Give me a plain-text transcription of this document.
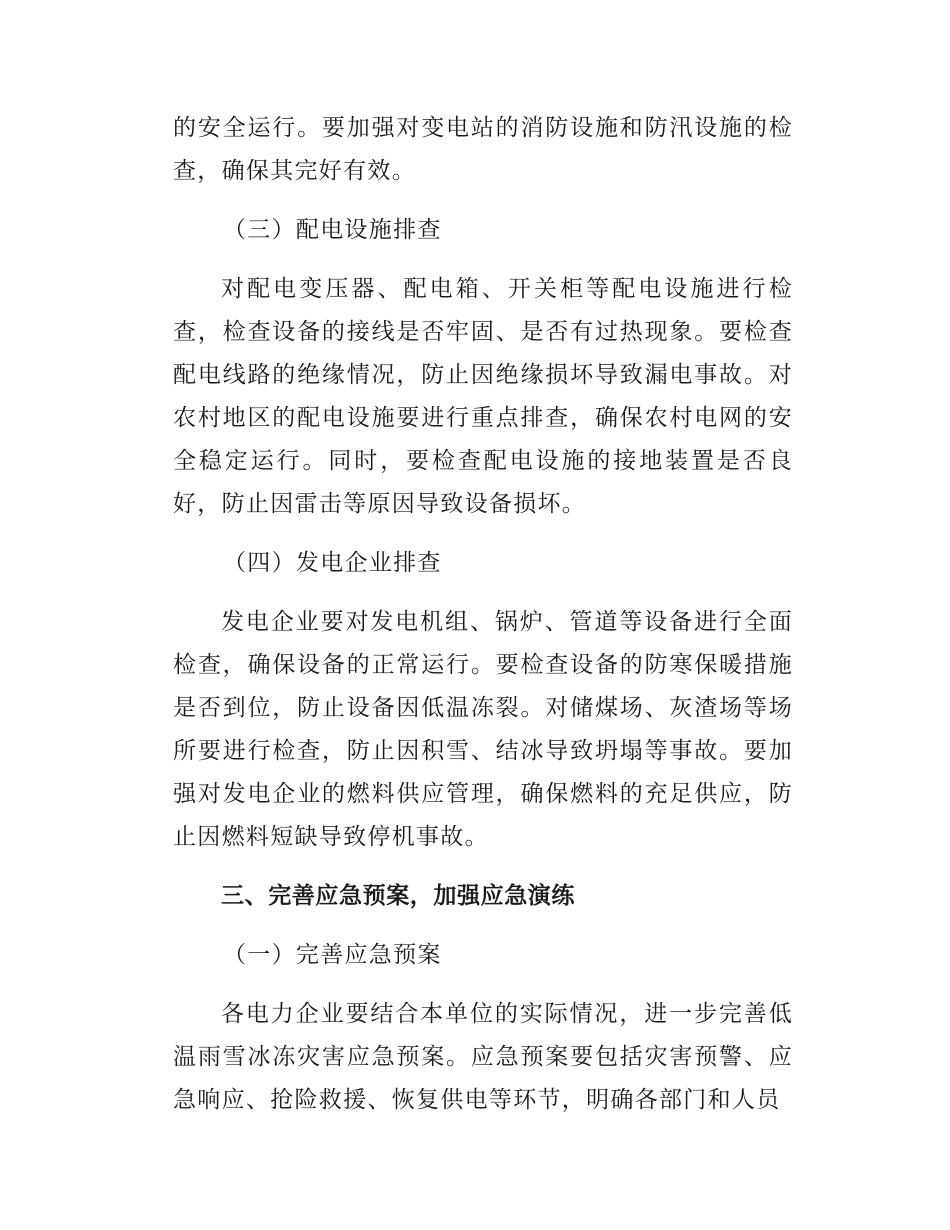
的安全运行。要加强对变电站的消防设施和防汛设施的检查，确保其完好有效。

（三）配电设施排查

对配电变压器、配电箱、开关柜等配电设施进行检查，检查设备的接线是否牢固、是否有过热现象。要检查配电线路的绝缘情况，防止因绝缘损坏导致漏电事故。对农村地区的配电设施要进行重点排查，确保农村电网的安全稳定运行。同时，要检查配电设施的接地装置是否良好，防止因雷击等原因导致设备损坏。

（四）发电企业排查

发电企业要对发电机组、锅炉、管道等设备进行全面检查，确保设备的正常运行。要检查设备的防寒保暖措施是否到位，防止设备因低温冻裂。对储煤场、灰渣场等场所要进行检查，防止因积雪、结冰导致坍塌等事故。要加强对发电企业的燃料供应管理，确保燃料的充足供应，防止因燃料短缺导致停机事故。

三、完善应急预案，加强应急演练

（一）完善应急预案

各电力企业要结合本单位的实际情况，进一步完善低温雨雪冰冻灾害应急预案。应急预案要包括灾害预警、应急响应、抢险救援、恢复供电等环节，明确各部门和人员
